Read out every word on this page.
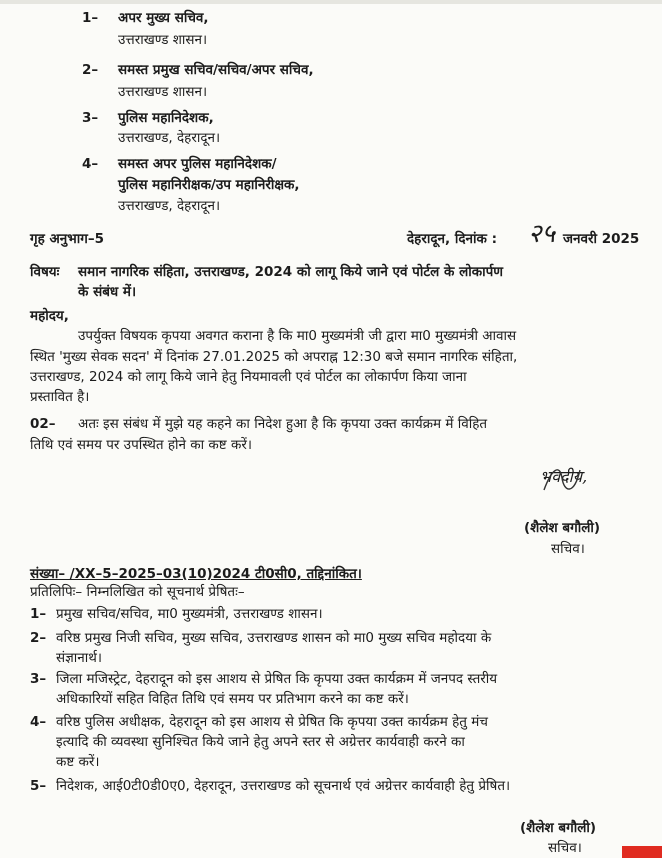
1– अपर मुख्य सचिव,
उत्तराखण्ड शासन।
2– समस्त प्रमुख सचिव/सचिव/अपर सचिव,
उत्तराखण्ड शासन।
3– पुलिस महानिदेशक,
उत्तराखण्ड, देहरादून।
4– समस्त अपर पुलिस महानिदेशक/
पुलिस महानिरीक्षक/उप महानिरीक्षक,
उत्तराखण्ड, देहरादून।
गृह अनुभाग–5	देहरादून, दिनांक : २५ जनवरी 2025
विषयः समान नागरिक संहिता, उत्तराखण्ड, 2024 को लागू किये जाने एवं पोर्टल के लोकार्पण
के संबंध में।
महोदय,
उपर्युक्त विषयक कृपया अवगत कराना है कि मा0 मुख्यमंत्री जी द्वारा मा0 मुख्यमंत्री आवास
स्थित 'मुख्य सेवक सदन' में दिनांक 27.01.2025 को अपराह्न 12:30 बजे समान नागरिक संहिता,
उत्तराखण्ड, 2024 को लागू किये जाने हेतु नियमावली एवं पोर्टल का लोकार्पण किया जाना
प्रस्तावित है।
02– अतः इस संबंध में मुझे यह कहने का निदेश हुआ है कि कृपया उक्त कार्यक्रम में विहित
तिथि एवं समय पर उपस्थित होने का कष्ट करें।
भवदीय,
(शैलेश बगौली)
सचिव।
संख्या– /XX–5–2025–03(10)2024 टी0सी0, तद्दिनांकित।
प्रतिलिपिः– निम्नलिखित को सूचनार्थ प्रेषितः–
1– प्रमुख सचिव/सचिव, मा0 मुख्यमंत्री, उत्तराखण्ड शासन।
2– वरिष्ठ प्रमुख निजी सचिव, मुख्य सचिव, उत्तराखण्ड शासन को मा0 मुख्य सचिव महोदया के
संज्ञानार्थ।
3– जिला मजिस्ट्रेट, देहरादून को इस आशय से प्रेषित कि कृपया उक्त कार्यक्रम में जनपद स्तरीय
अधिकारियों सहित विहित तिथि एवं समय पर प्रतिभाग करने का कष्ट करें।
4– वरिष्ठ पुलिस अधीक्षक, देहरादून को इस आशय से प्रेषित कि कृपया उक्त कार्यक्रम हेतु मंच
इत्यादि की व्यवस्था सुनिश्चित किये जाने हेतु अपने स्तर से अग्रेत्तर कार्यवाही करने का
कष्ट करें।
5– निदेशक, आई0टी0डी0ए0, देहरादून, उत्तराखण्ड को सूचनार्थ एवं अग्रेत्तर कार्यवाही हेतु प्रेषित।
(शैलेश बगौली)
सचिव।
